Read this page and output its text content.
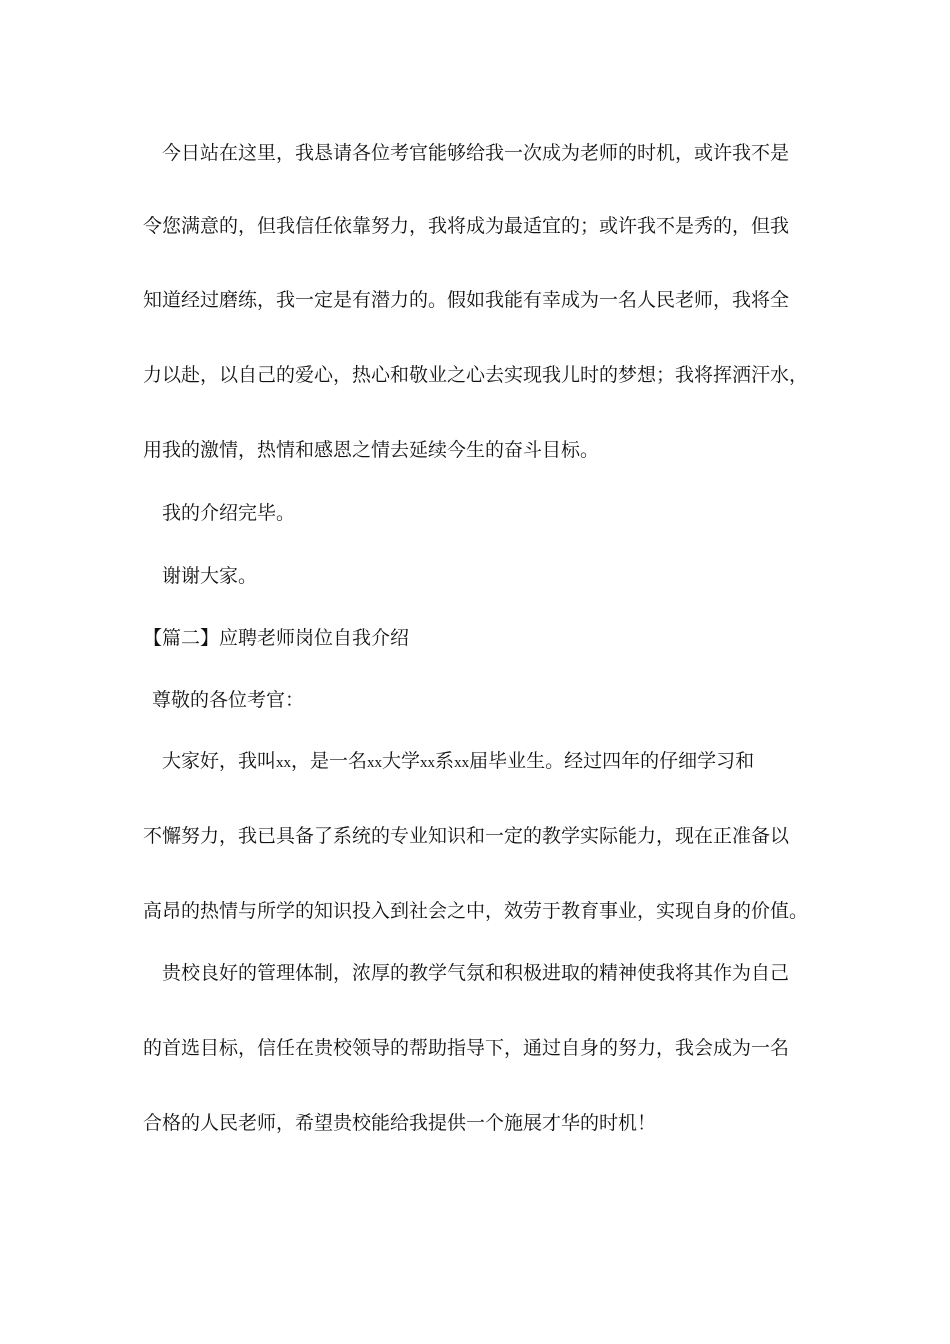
今日站在这里，我恳请各位考官能够给我一次成为老师的时机，或许我不是
令您满意的，但我信任依靠努力，我将成为最适宜的；或许我不是秀的，但我
知道经过磨练，我一定是有潜力的。假如我能有幸成为一名人民老师，我将全
力以赴，以自己的爱心，热心和敬业之心去实现我儿时的梦想；我将挥洒汗水，
用我的激情，热情和感恩之情去延续今生的奋斗目标。
我的介绍完毕。
谢谢大家。
【篇二】应聘老师岗位自我介绍
尊敬的各位考官：
大家好，我叫xx，是一名xx大学xx系xx届毕业生。经过四年的仔细学习和
不懈努力，我已具备了系统的专业知识和一定的教学实际能力，现在正准备以
高昂的热情与所学的知识投入到社会之中，效劳于教育事业，实现自身的价值。
贵校良好的管理体制，浓厚的教学气氛和积极进取的精神使我将其作为自己
的首选目标，信任在贵校领导的帮助指导下，通过自身的努力，我会成为一名
合格的人民老师，希望贵校能给我提供一个施展才华的时机！
